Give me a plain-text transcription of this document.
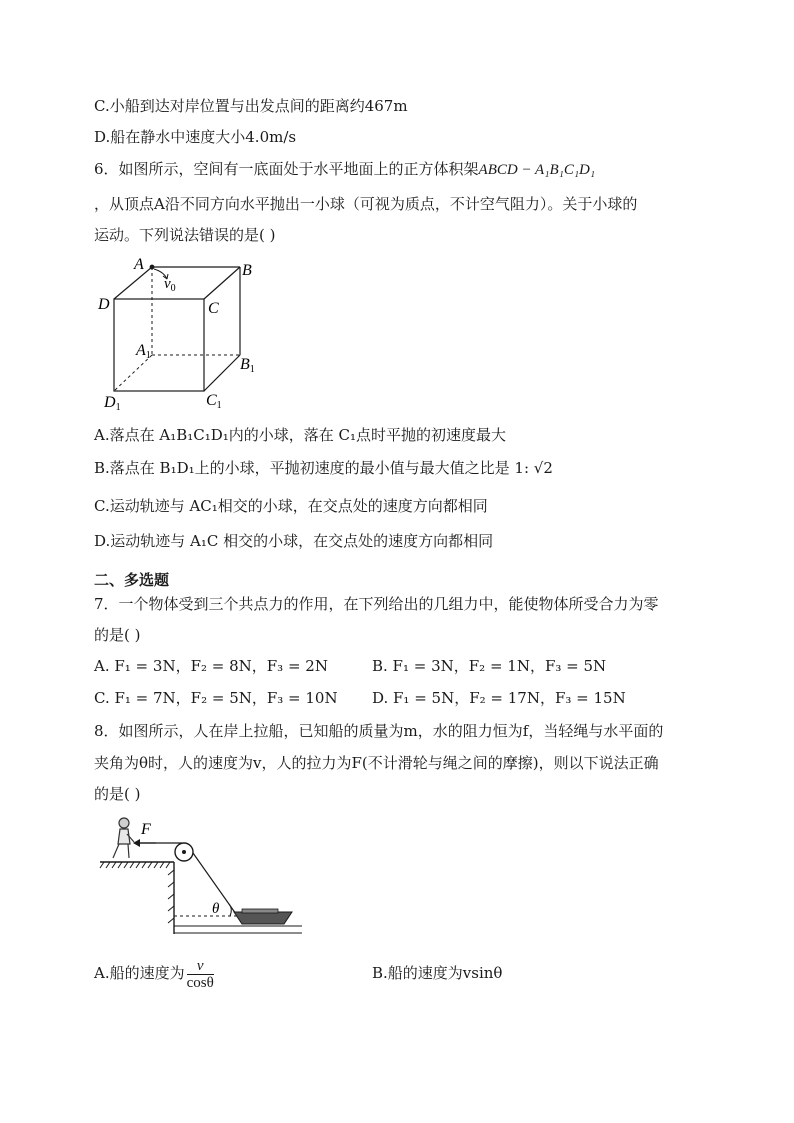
C.小船到达对岸位置与出发点间的距离约467m
D.船在静水中速度大小4.0m/s
6．如图所示，空间有一底面处于水平地面上的正方体积架ABCD − A₁B₁C₁D₁
，从顶点A沿不同方向水平抛出一小球（可视为质点，不计空气阻力）。关于小球的
运动。下列说法错误的是( )
A
$v_0$
B
D	C
A1
B1
D1	C1
A.落点在 A₁B₁C₁D₁内的小球，落在 C₁点时平抛的初速度最大
B.落点在 B₁D₁上的小球，平抛初速度的最小值与最大值之比是 1: √2
C.运动轨迹与 AC₁相交的小球，在交点处的速度方向都相同
D.运动轨迹与 A₁C 相交的小球，在交点处的速度方向都相同
二、多选题
7．一个物体受到三个共点力的作用，在下列给出的几组力中，能使物体所受合力为零
的是( )
A. F₁ = 3N，F₂ = 8N，F₃ = 2N	B. F₁ = 3N，F₂ = 1N，F₃ = 5N
C. F₁ = 7N，F₂ = 5N，F₃ = 10N D. F₁ = 5N，F₂ = 17N，F₃ = 15N
8．如图所示，人在岸上拉船，已知船的质量为m，水的阻力恒为f，当轻绳与水平面的
夹角为θ时，人的速度为v，人的拉力为F(不计滑轮与绳之间的摩擦)，则以下说法正确
的是( )
F
θ
A.船的速度为 $\frac{v}{\cos\theta}$	B.船的速度为vsinθ
